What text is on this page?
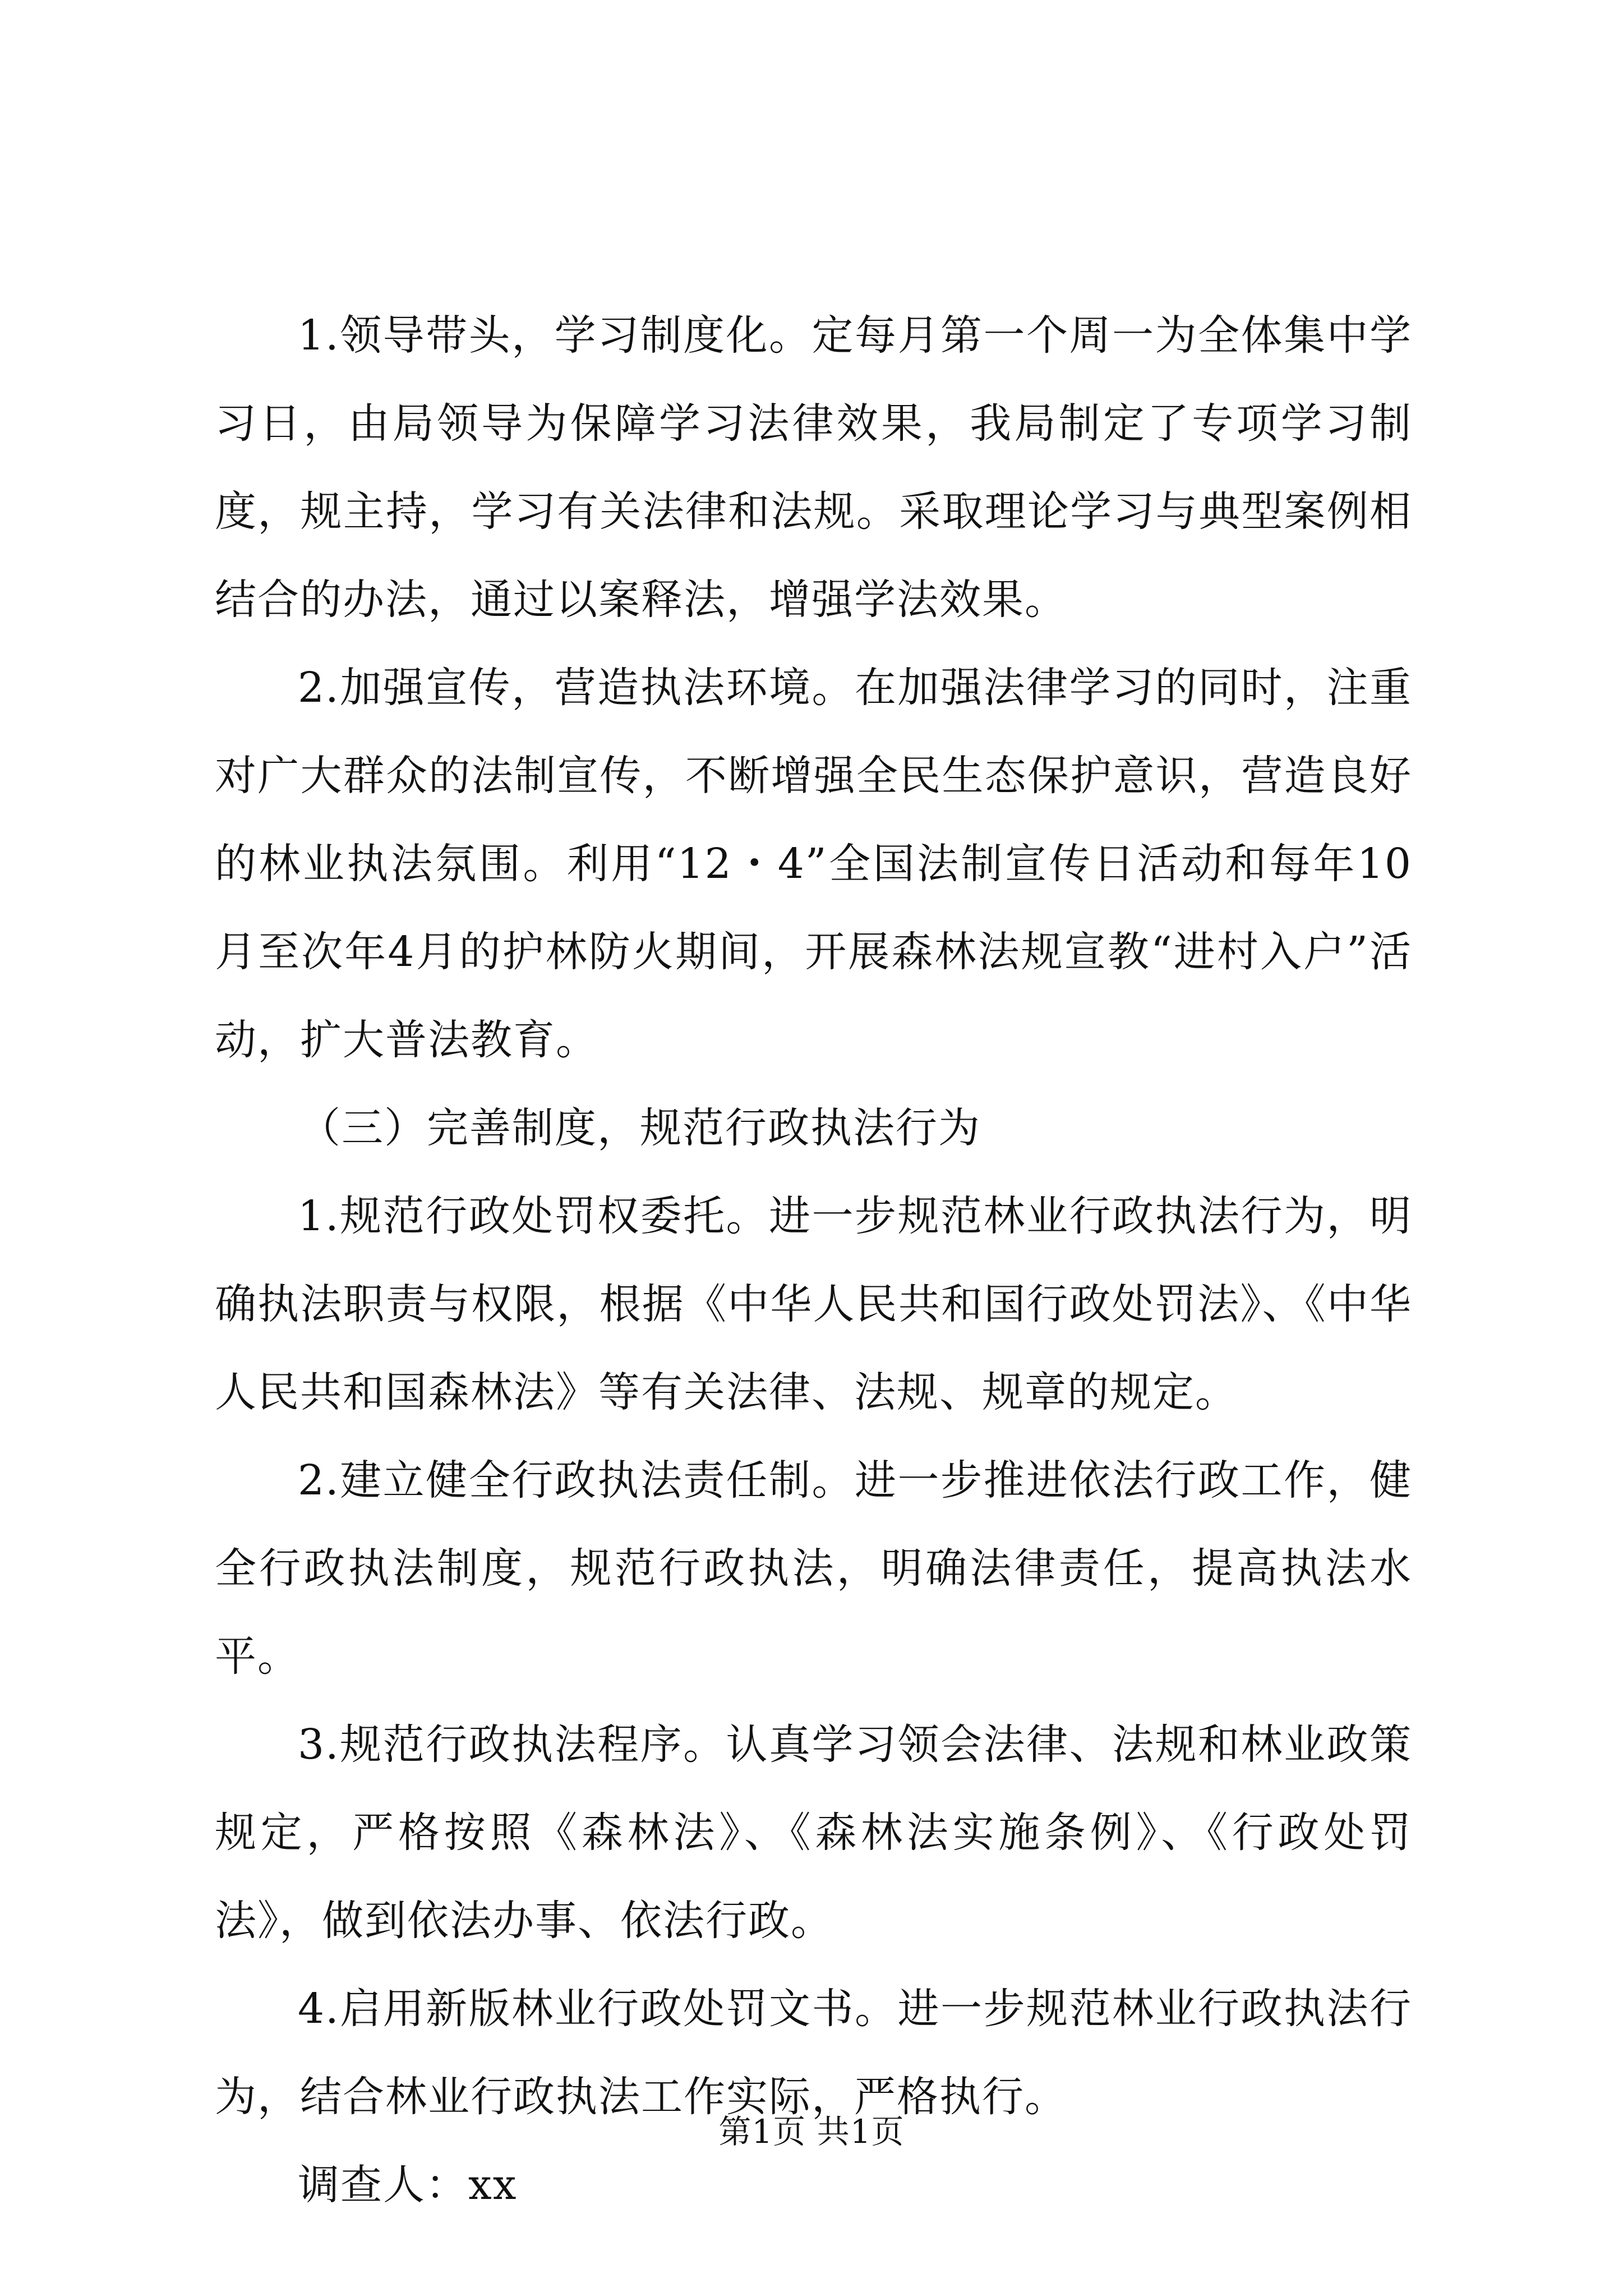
1.领导带头，学习制度化。定每月第一个周一为全体集中学习日，由局领导为保障学习法律效果，我局制定了专项学习制度，规主持，学习有关法律和法规。采取理论学习与典型案例相结合的办法，通过以案释法，增强学法效果。

2.加强宣传，营造执法环境。在加强法律学习的同时，注重对广大群众的法制宣传，不断增强全民生态保护意识，营造良好的林业执法氛围。利用“12・4”全国法制宣传日活动和每年10月至次年4月的护林防火期间，开展森林法规宣教“进村入户”活动，扩大普法教育。

（三）完善制度，规范行政执法行为

1.规范行政处罚权委托。进一步规范林业行政执法行为，明确执法职责与权限，根据《中华人民共和国行政处罚法》、《中华人民共和国森林法》等有关法律、法规、规章的规定。

2.建立健全行政执法责任制。进一步推进依法行政工作，健全行政执法制度，规范行政执法，明确法律责任，提高执法水平。

3.规范行政执法程序。认真学习领会法律、法规和林业政策规定，严格按照《森林法》、《森林法实施条例》、《行政处罚法》，做到依法办事、依法行政。

4.启用新版林业行政处罚文书。进一步规范林业行政执法行为，结合林业行政执法工作实际，严格执行。

调查人：xx

第1页 共1页
